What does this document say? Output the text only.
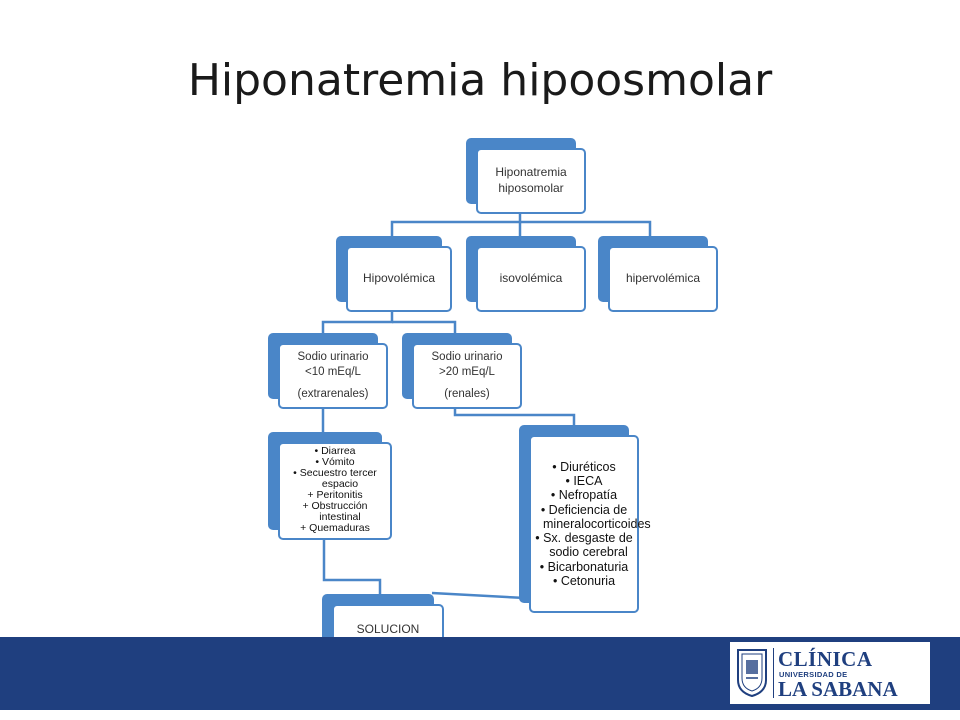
Hiponatremia hipoosmolar
Hiponatremia
hiposomolar
Hipovolémica	isovolémica	hipervolémica
Sodio urinario
<10 mEq/L
(extrarenales)
Sodio urinario
>20 mEq/L
(renales)
• Diarrea
• Vómito
• Secuestro tercer espacio
+ Peritonitis
+ Obstrucción intestinal
+ Quemaduras
• Diuréticos
• IECA
• Nefropatía
• Deficiencia de mineralocorticoides
• Sx. desgaste de sodio cerebral
• Bicarbonaturia
• Cetonuria
SOLUCION
CLÍNICA
UNIVERSIDAD DE
LA SABANA
